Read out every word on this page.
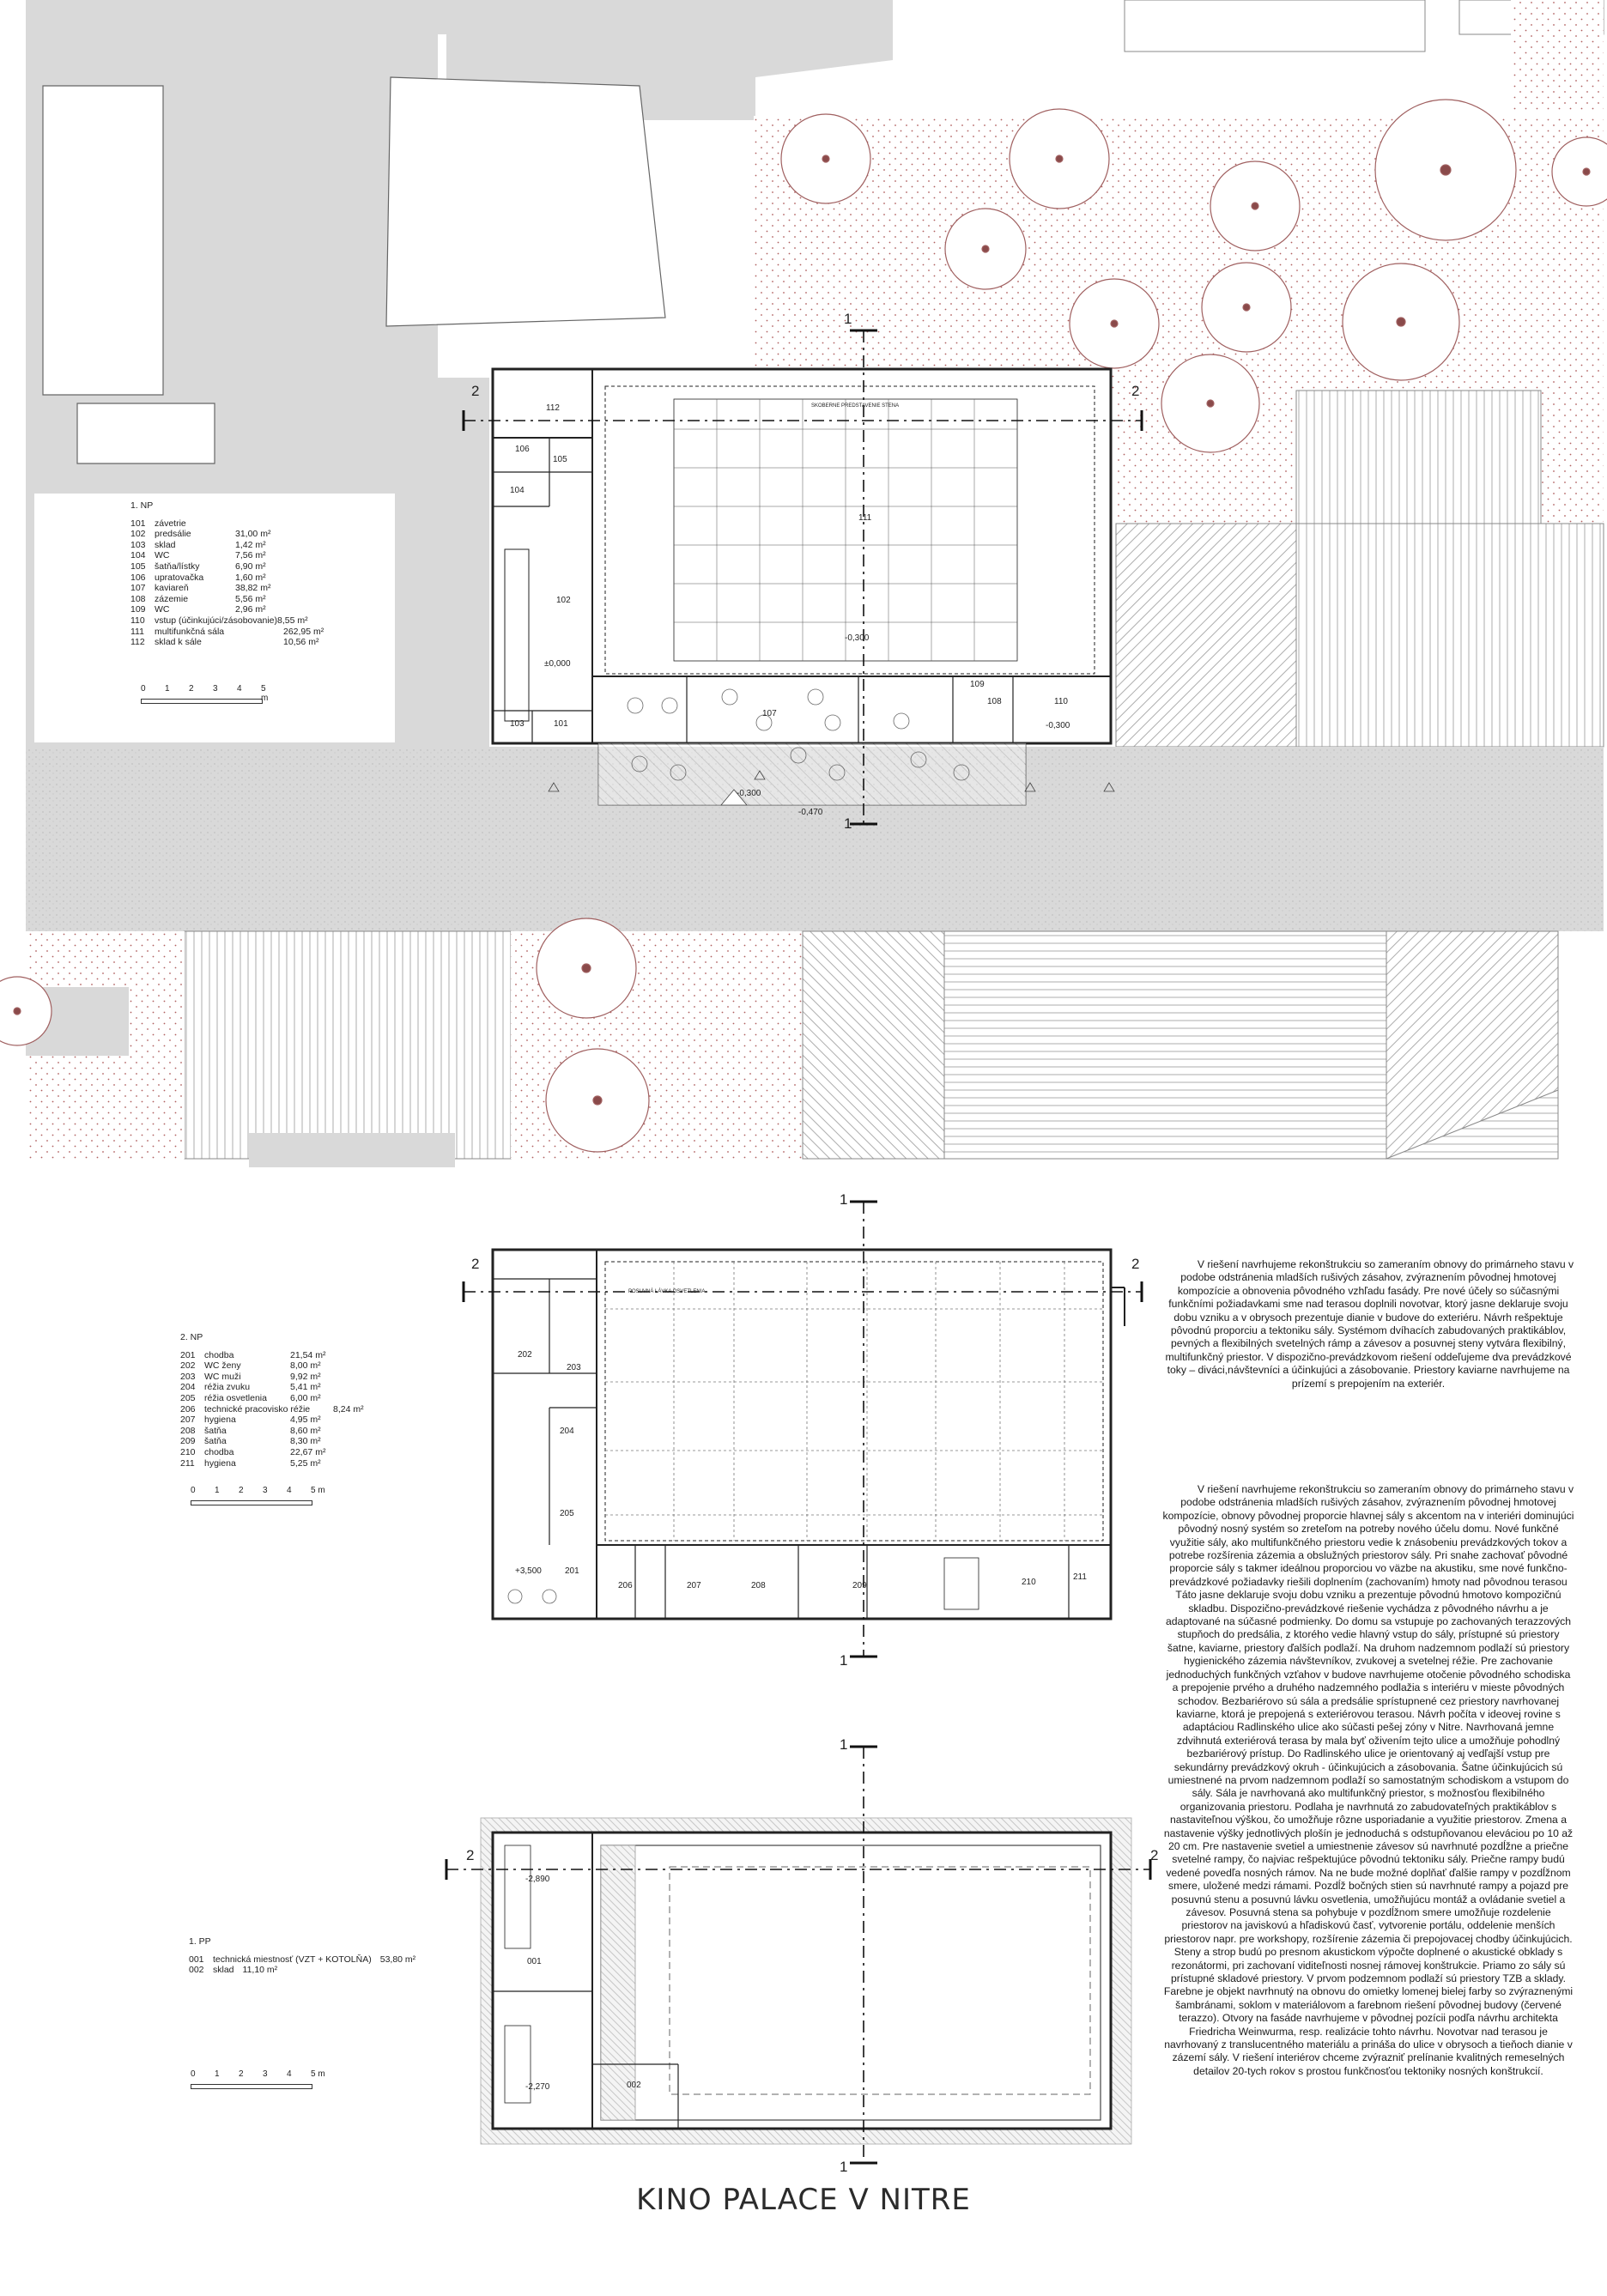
1
1
2	2
1
1
2	2
1
1
2	2
112
106
105
104
111
102
±0,000
103	101
107
109
108	110
-0,300
-0,300
-0,300
-0,470
SKOBERNE PREDSTAVENIE STENA
202
203
204
205
+3,500	201
206	207	208	209	210
211
POSUVNÁ LÁVKA OSVETLENIA
-2,890
001
-2,270	002
1. NP
101 závetrie
102 predsálie	31,00 m²
103 sklad	1,42 m²
104 WC	7,56 m²
105 šatňa/lístky	6,90 m²
106 upratovačka	1,60 m²
107 kaviareň	38,82 m²
108 zázemie	5,56 m²
109 WC	2,96 m²
110	vstup (účinkujúci/zásobovanie) 8,55 m²
111	multifunkčná sála	262,95 m²
112	sklad k sále	10,56 m²
2. NP
201 chodba	21,54 m²
202 WC ženy	8,00 m²
203 WC muži	9,92 m²
204 réžia zvuku	5,41 m²
205 réžia osvetlenia	6,00 m²
206 technické pracovisko réžie	8,24 m²
207 hygiena	4,95 m²
208 šatňa	8,60 m²
209 šatňa	8,30 m²
210 chodba	22,67 m²
211	hygiena	5,25 m²
1. PP
001 technická miestnosť (VZT + KOTOLŇA) 53,80 m²
002 sklad 11,10 m²
0 1 2 3 4 5 m
0 1 2 3 4 5 m
0 1 2 3 4 5 m

V riešení navrhujeme rekonštrukciu so zameraním obnovy do primárneho stavu v podobe odstránenia mladších rušivých zásahov, zvýraznením pôvodnej hmotovej kompozície a obnovenia pôvodného vzhľadu fasády. Pre nové účely so súčasnými funkčními požiadavkami sme nad terasou doplnili novotvar, ktorý jasne deklaruje svoju dobu vzniku a v obrysoch prezentuje dianie v budove do exteriéru. Návrh rešpektuje pôvodnú proporciu a tektoniku sály. Systémom dvíhacích zabudovaných praktikáblov, pevných a flexibilných svetelných rámp a závesov a posuvnej steny vytvára flexibilný, multifunkčný priestor. V dispozično-prevádzkovom riešení oddeľujeme dva prevádzkové toky – diváci,návštevníci a účinkujúci a zásobovanie. Priestory kaviarne navrhujeme na prízemí s prepojením na exteriér.

V riešení navrhujeme rekonštrukciu so zameraním obnovy do primárneho stavu v podobe odstránenia mladších rušivých zásahov, zvýraznením pôvodnej hmotovej kompozície, obnovy pôvodnej proporcie hlavnej sály s akcentom na v interiéri dominujúci pôvodný nosný systém so zreteľom na potreby nového účelu domu. Nové funkčné využitie sály, ako multifunkčného priestoru vedie k znásobeniu prevádzkových tokov a potrebe rozšírenia zázemia a obslužných priestorov sály. Pri snahe zachovať pôvodné proporcie sály s takmer ideálnou proporciou vo väzbe na akustiku, sme nové funkčno-prevádzkové požiadavky riešili doplnením (zachovaním) hmoty nad pôvodnou terasou Táto jasne deklaruje svoju dobu vzniku a prezentuje pôvodnú hmotovo kompozičnú skladbu. Dispozično-prevádzkové riešenie vychádza z pôvodného návrhu a je adaptované na súčasné podmienky. Do domu sa vstupuje po zachovaných terazzových stupňoch do predsália, z ktorého vedie hlavný vstup do sály, prístupné sú priestory šatne, kaviarne, priestory ďalších podlaží. Na druhom nadzemnom podlaží sú priestory hygienického zázemia návštevníkov, zvukovej a svetelnej réžie. Pre zachovanie jednoduchých funkčných vzťahov v budove navrhujeme otočenie pôvodného schodiska a prepojenie prvého a druhého nadzemného podlažia s interiéru v mieste pôvodných schodov. Bezbariérovo sú sála a predsálie sprístupnené cez priestory navrhovanej kaviarne, ktorá je prepojená s exteriérovou terasou. Návrh počíta v ideovej rovine s adaptáciou Radlinského ulice ako súčasti pešej zóny v Nitre. Navrhovaná jemne zdvihnutá exteriérová terasa by mala byť oživením tejto ulice a umožňuje pohodlný bezbariérový prístup. Do Radlinského ulice je orientovaný aj vedľajší vstup pre sekundárny prevádzkový okruh - účinkujúcich a zásobovania. Šatne účinkujúcich sú umiestnené na prvom nadzemnom podlaží so samostatným schodiskom a vstupom do sály. Sála je navrhovaná ako multifunkčný priestor, s možnosťou flexibilného organizovania priestoru. Podlaha je navrhnutá zo zabudovateľných praktikáblov s nastaviteľnou výškou, čo umožňuje rôzne usporiadanie a využitie priestorov. Zmena a nastavenie výšky jednotlivých plošín je jednoduchá s odstupňovanou eleváciou po 10 až 20 cm. Pre nastavenie svetiel a umiestnenie závesov sú navrhnuté pozdĺžne a priečne svetelné rampy, čo najviac rešpektujúce pôvodnú tektoniku sály. Priečne rampy budú vedené povedľa nosných rámov. Na ne bude možné doplňať ďalšie rampy v pozdĺžnom smere, uložené medzi rámami. Pozdĺž bočných stien sú navrhnuté rampy a pojazd pre posuvnú stenu a posuvnú lávku osvetlenia, umožňujúcu montáž a ovládanie svetiel a závesov. Posuvná stena sa pohybuje v pozdĺžnom smere umožňuje rozdelenie priestorov na javiskovú a hľadiskovú časť, vytvorenie portálu, oddelenie menších priestorov napr. pre workshopy, rozšírenie zázemia či prepojovacej chodby účinkujúcich. Steny a strop budú po presnom akustickom výpočte doplnené o akustické obklady s rezonátormi, pri zachovaní viditeľnosti nosnej rámovej konštrukcie. Priamo zo sály sú prístupné skladové priestory. V prvom podzemnom podlaží sú priestory TZB a sklady. Farebne je objekt navrhnutý na obnovu do omietky lomenej bielej farby so zvýraznenými šambránami, soklom v materiálovom a farebnom riešení pôvodnej budovy (červené terazzo). Otvory na fasáde navrhujeme v pôvodnej pozícii podľa návrhu architekta Friedricha Weinwurma, resp. realizácie tohto návrhu. Novotvar nad terasou je navrhovaný z translucentného materiálu a prináša do ulice v obrysoch a tieňoch dianie v zázemí sály. V riešení interiérov chceme zvýrazniť prelínanie kvalitných remeselných detailov 20-tych rokov s prostou funkčnosťou tektoniky nosných konštrukcií.

KINO PALACE V NITRE
